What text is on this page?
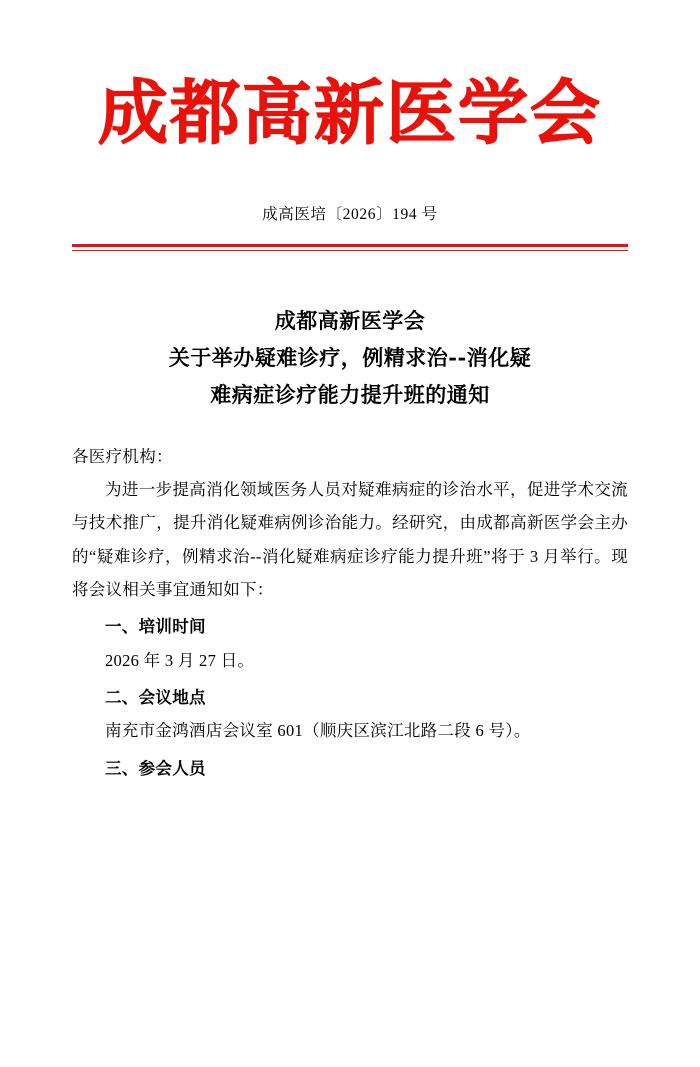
成都高新医学会
成高医培〔2026〕194 号
成都高新医学会
关于举办疑难诊疗，例精求治--消化疑
难病症诊疗能力提升班的通知

各医疗机构：

为进一步提高消化领域医务人员对疑难病症的诊治水平，促进学术交流与技术推广，提升消化疑难病例诊治能力。经研究，由成都高新医学会主办的“疑难诊疗，例精求治--消化疑难病症诊疗能力提升班”将于 3 月举行。现将会议相关事宜通知如下：

一、培训时间

2026 年 3 月 27 日。

二、会议地点

南充市金鸿酒店会议室 601（顺庆区滨江北路二段 6 号）。

三、参会人员
